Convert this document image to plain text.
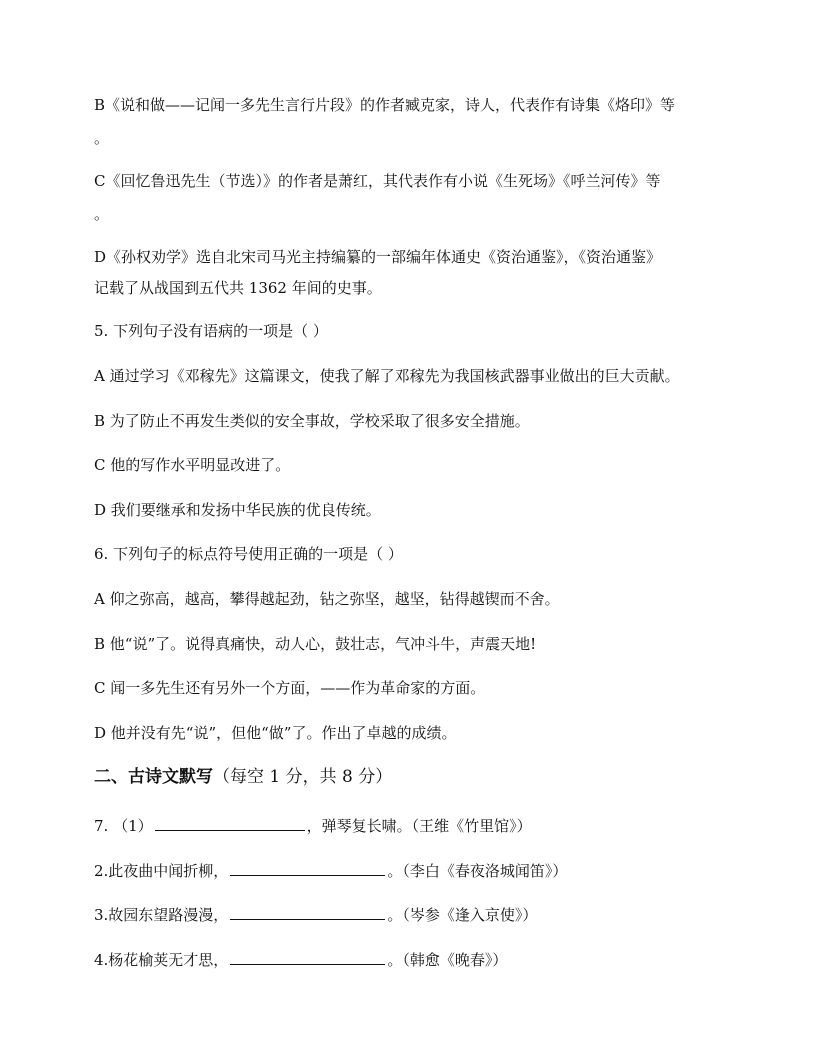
B《说和做——记闻一多先生言行片段》的作者臧克家，诗人，代表作有诗集《烙印》等
。
C《回忆鲁迅先生（节选）》的作者是萧红，其代表作有小说《生死场》《呼兰河传》等
。
D《孙权劝学》选自北宋司马光主持编纂的一部编年体通史《资治通鉴》，《资治通鉴》
记载了从战国到五代共 1362 年间的史事。
5. 下列句子没有语病的一项是（ ）
A 通过学习《邓稼先》这篇课文，使我了解了邓稼先为我国核武器事业做出的巨大贡献。
B 为了防止不再发生类似的安全事故，学校采取了很多安全措施。
C 他的写作水平明显改进了。
D 我们要继承和发扬中华民族的优良传统。
6. 下列句子的标点符号使用正确的一项是（ ）
A 仰之弥高，越高，攀得越起劲，钻之弥坚，越坚，钻得越锲而不舍。
B 他“说”了。说得真痛快，动人心，鼓壮志，气冲斗牛，声震天地!
C 闻一多先生还有另外一个方面，——作为革命家的方面。
D 他并没有先“说”，但他“做”了。作出了卓越的成绩。
二、古诗文默写（每空 1 分，共 8 分）
7. （1）	，弹琴复长啸。（王维《竹里馆》）
2.此夜曲中闻折柳，	。（李白《春夜洛城闻笛》）
3.故园东望路漫漫，	。（岑参《逢入京使》）
4.杨花榆荚无才思，	。（韩愈《晚春》）
